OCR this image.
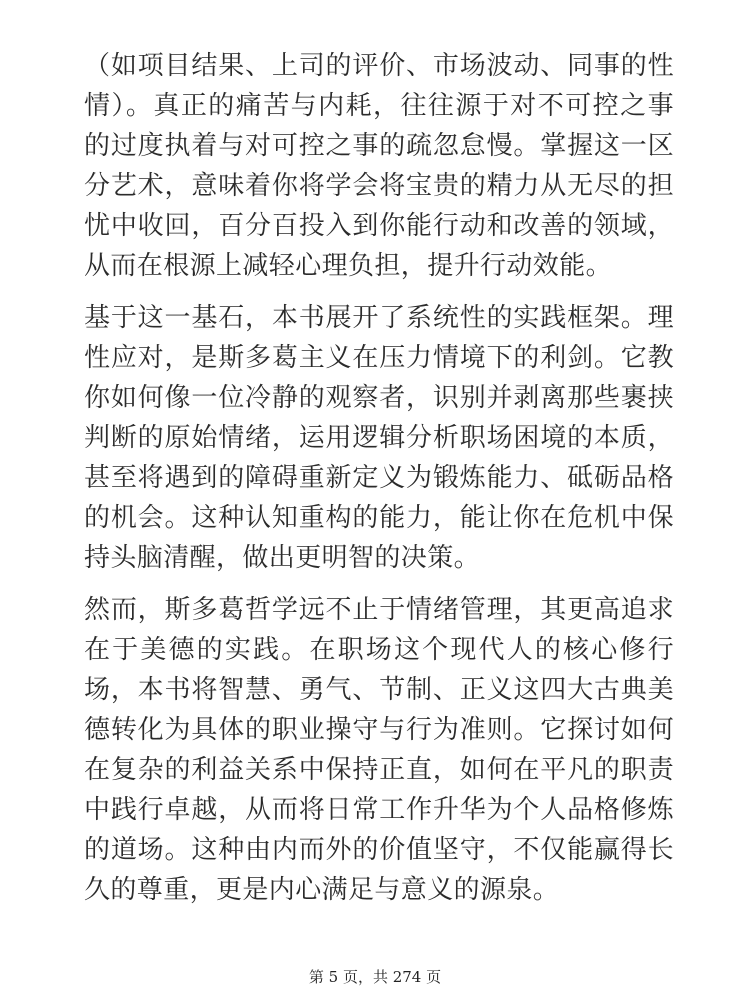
（如项目结果、上司的评价、市场波动、同事的性情）。真正的痛苦与内耗，往往源于对不可控之事的过度执着与对可控之事的疏忽怠慢。掌握这一区分艺术，意味着你将学会将宝贵的精力从无尽的担忧中收回，百分百投入到你能行动和改善的领域，从而在根源上减轻心理负担，提升行动效能。

基于这一基石，本书展开了系统性的实践框架。理性应对，是斯多葛主义在压力情境下的利剑。它教你如何像一位冷静的观察者，识别并剥离那些裹挟判断的原始情绪，运用逻辑分析职场困境的本质，甚至将遇到的障碍重新定义为锻炼能力、砥砺品格的机会。这种认知重构的能力，能让你在危机中保持头脑清醒，做出更明智的决策。

然而，斯多葛哲学远不止于情绪管理，其更高追求在于美德的实践。在职场这个现代人的核心修行场，本书将智慧、勇气、节制、正义这四大古典美德转化为具体的职业操守与行为准则。它探讨如何在复杂的利益关系中保持正直，如何在平凡的职责中践行卓越，从而将日常工作升华为个人品格修炼的道场。这种由内而外的价值坚守，不仅能赢得长久的尊重，更是内心满足与意义的源泉。

第 5 页，共 274 页
